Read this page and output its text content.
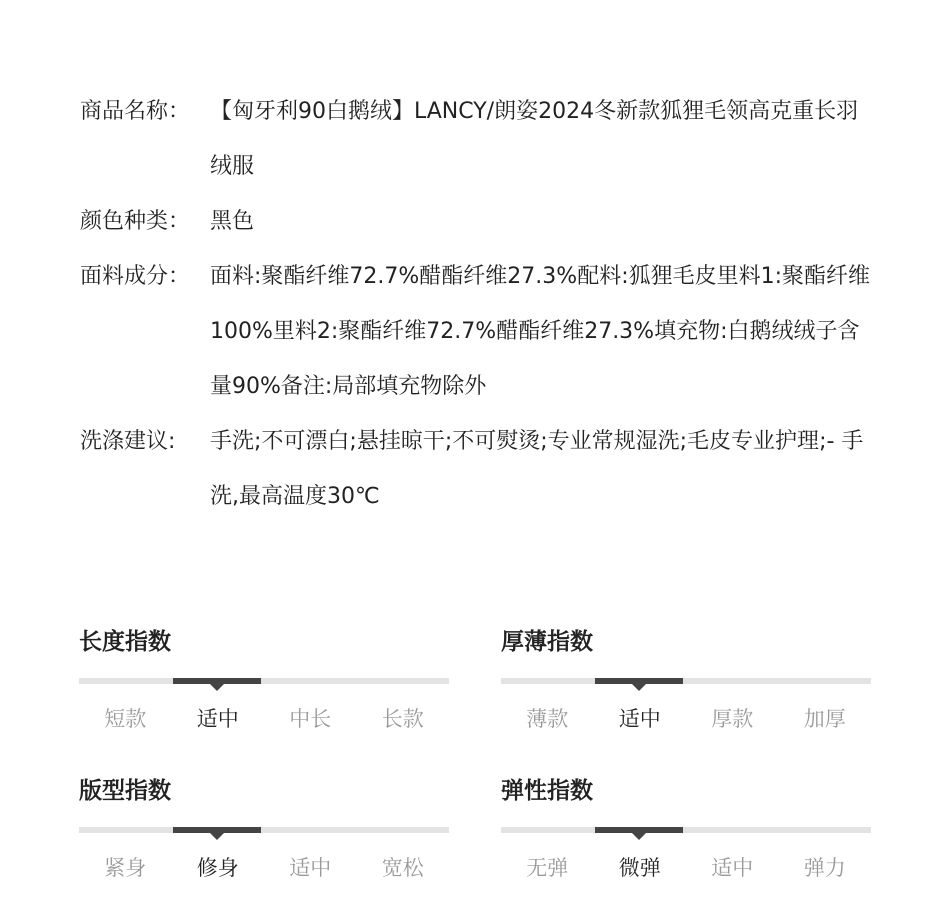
商品名称： 【匈牙利90白鹅绒】LANCY/朗姿2024冬新款狐狸毛领高克重长羽绒服
颜色种类： 黑色
面料成分： 面料:聚酯纤维72.7%醋酯纤维27.3%配料:狐狸毛皮里料1:聚酯纤维100%里料2:聚酯纤维72.7%醋酯纤维27.3%填充物:白鹅绒绒子含量90%备注:局部填充物除外
洗涤建议:	手洗;不可漂白;悬挂晾干;不可熨烫;专业常规湿洗;毛皮专业护理;- 手洗,最高温度30℃
长度指数
短款	适中	中长	长款
厚薄指数
薄款	适中	厚款	加厚
版型指数
紧身	修身	适中	宽松
弹性指数
无弹	微弹	适中	弹力
